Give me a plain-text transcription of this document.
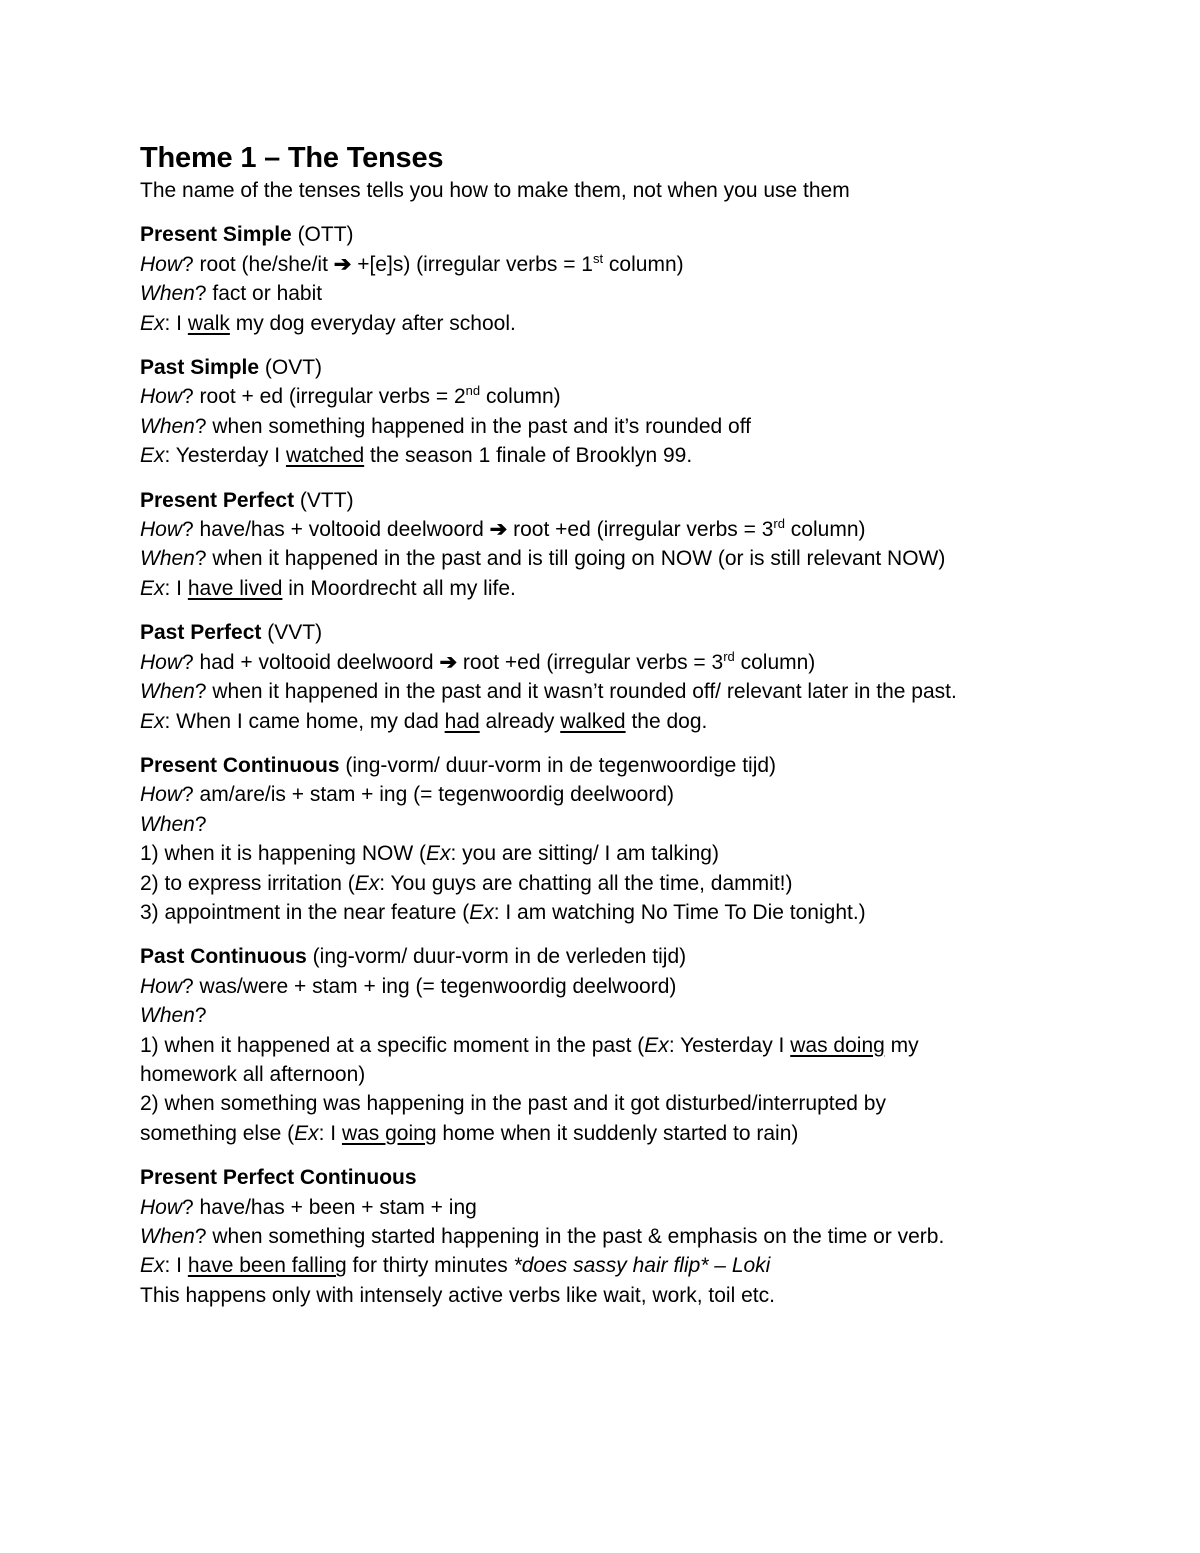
Theme 1 – The Tenses
The name of the tenses tells you how to make them, not when you use them
Present Simple (OTT)
How? root (he/she/it ➔ +[e]s) (irregular verbs = 1st column)
When? fact or habit
Ex: I walk my dog everyday after school.
Past Simple (OVT)
How? root + ed (irregular verbs = 2nd column)
When? when something happened in the past and it’s rounded off
Ex: Yesterday I watched the season 1 finale of Brooklyn 99.
Present Perfect (VTT)
How? have/has + voltooid deelwoord ➔ root +ed (irregular verbs = 3rd column)
When? when it happened in the past and is till going on NOW (or is still relevant NOW)
Ex: I have lived in Moordrecht all my life.
Past Perfect (VVT)
How? had + voltooid deelwoord ➔ root +ed (irregular verbs = 3rd column)
When? when it happened in the past and it wasn’t rounded off/ relevant later in the past.
Ex: When I came home, my dad had already walked the dog.
Present Continuous (ing-vorm/ duur-vorm in de tegenwoordige tijd)
How? am/are/is + stam + ing (= tegenwoordig deelwoord)
When?
1) when it is happening NOW (Ex: you are sitting/ I am talking)
2) to express irritation (Ex: You guys are chatting all the time, dammit!)
3) appointment in the near feature (Ex: I am watching No Time To Die tonight.)
Past Continuous (ing-vorm/ duur-vorm in de verleden tijd)
How? was/were + stam + ing (= tegenwoordig deelwoord)
When?
1) when it happened at a specific moment in the past (Ex: Yesterday I was doing my
homework all afternoon)
2) when something was happening in the past and it got disturbed/interrupted by
something else (Ex: I was going home when it suddenly started to rain)
Present Perfect Continuous
How? have/has + been + stam + ing
When? when something started happening in the past & emphasis on the time or verb.
Ex: I have been falling for thirty minutes *does sassy hair flip* – Loki
This happens only with intensely active verbs like wait, work, toil etc.
